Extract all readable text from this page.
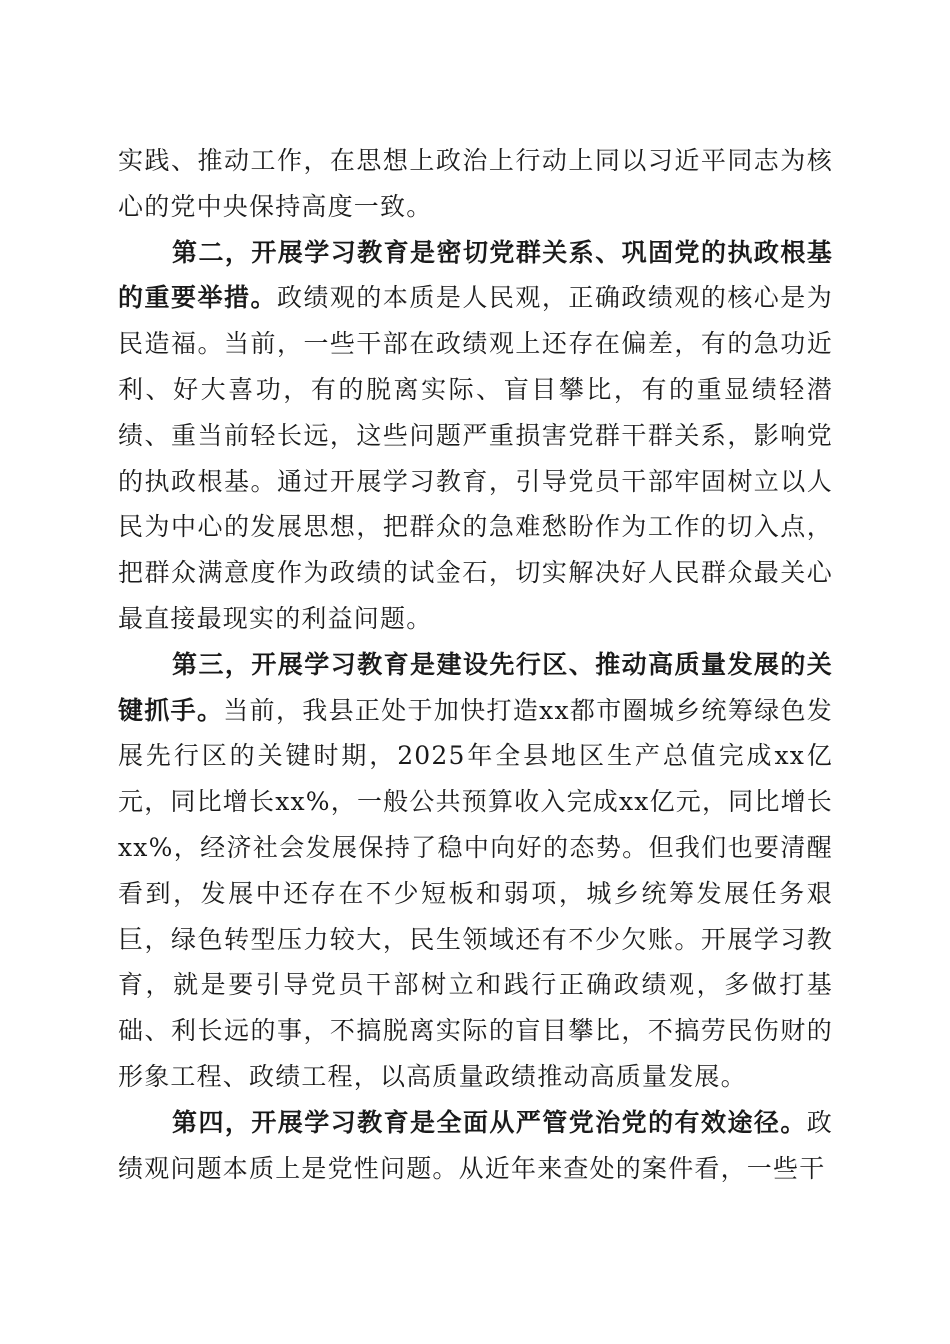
实践、推动工作，在思想上政治上行动上同以习近平同志为核心的党中央保持高度一致。

第二，开展学习教育是密切党群关系、巩固党的执政根基的重要举措。政绩观的本质是人民观，正确政绩观的核心是为民造福。当前，一些干部在政绩观上还存在偏差，有的急功近利、好大喜功，有的脱离实际、盲目攀比，有的重显绩轻潜绩、重当前轻长远，这些问题严重损害党群干群关系，影响党的执政根基。通过开展学习教育，引导党员干部牢固树立以人民为中心的发展思想，把群众的急难愁盼作为工作的切入点，把群众满意度作为政绩的试金石，切实解决好人民群众最关心最直接最现实的利益问题。

第三，开展学习教育是建设先行区、推动高质量发展的关键抓手。当前，我县正处于加快打造xx都市圈城乡统筹绿色发展先行区的关键时期，2025年全县地区生产总值完成xx亿元，同比增长xx%，一般公共预算收入完成xx亿元，同比增长xx%，经济社会发展保持了稳中向好的态势。但我们也要清醒看到，发展中还存在不少短板和弱项，城乡统筹发展任务艰巨，绿色转型压力较大，民生领域还有不少欠账。开展学习教育，就是要引导党员干部树立和践行正确政绩观，多做打基础、利长远的事，不搞脱离实际的盲目攀比，不搞劳民伤财的形象工程、政绩工程，以高质量政绩推动高质量发展。

第四，开展学习教育是全面从严管党治党的有效途径。政绩观问题本质上是党性问题。从近年来查处的案件看，一些干
